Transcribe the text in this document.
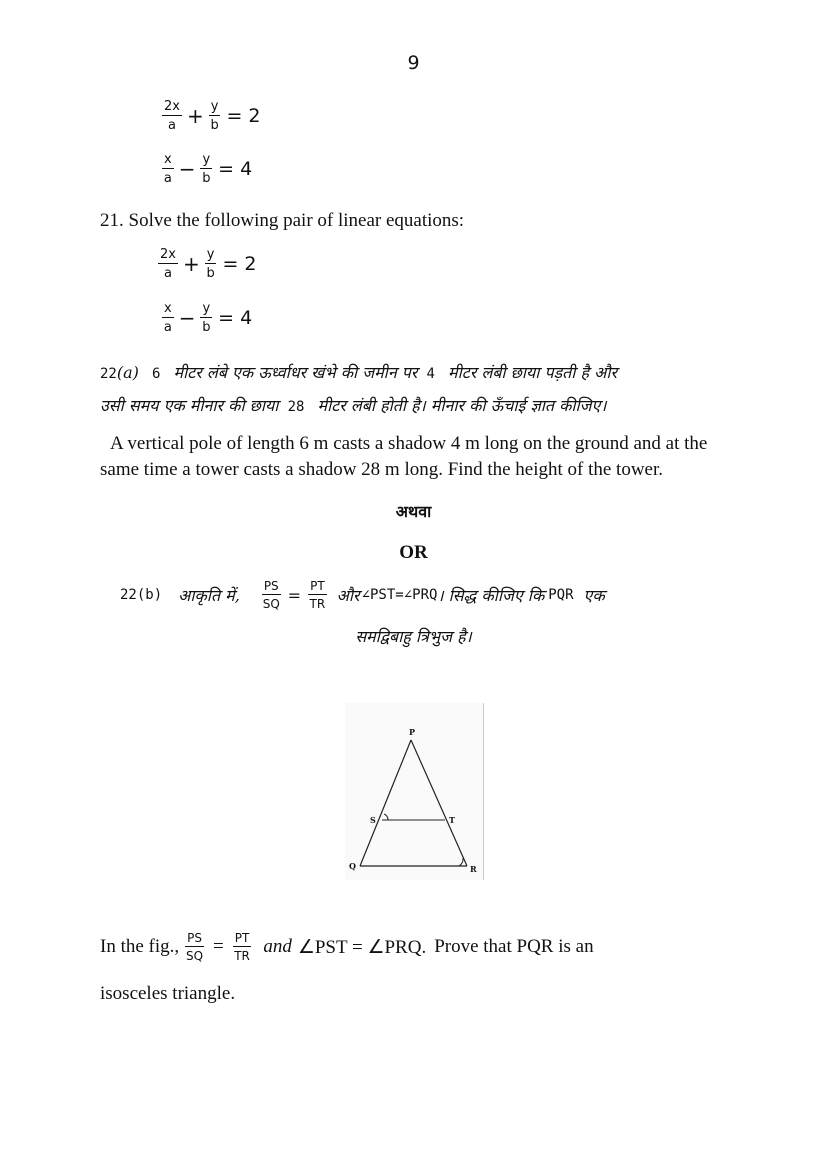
9
$\frac{2x}{a} + \frac{y}{b} = 2$
$\frac{x}{a} - \frac{y}{b} = 4$
21. Solve the following pair of linear equations:
$\frac{2x}{a} + \frac{y}{b} = 2$
$\frac{x}{a} - \frac{y}{b} = 4$
22(a) 6 मीटर लंबे एक ऊर्ध्वाधर खंभे की जमीन पर 4 मीटर लंबी छाया पड़ती है और
उसी समय एक मीनार की छाया 28 मीटर लंबी होती है। मीनार की ऊँचाई ज्ञात कीजिए।
A vertical pole of length 6 m casts a shadow 4 m long on the ground and at the
same time a tower casts a shadow 28 m long. Find the height of the tower.
अथवा
OR
22(b) आकृति में, $\frac{PS}{SQ} = \frac{PT}{TR}$ और ∠PST=∠PRQ । सिद्ध कीजिए कि PQR एक
समद्विबाहु त्रिभुज है।
P
S	T
Q	R
In the fig., $\frac{PS}{SQ} = \frac{PT}{TR}$ and ∠PST = ∠PRQ. Prove that PQR is an
isosceles triangle.
